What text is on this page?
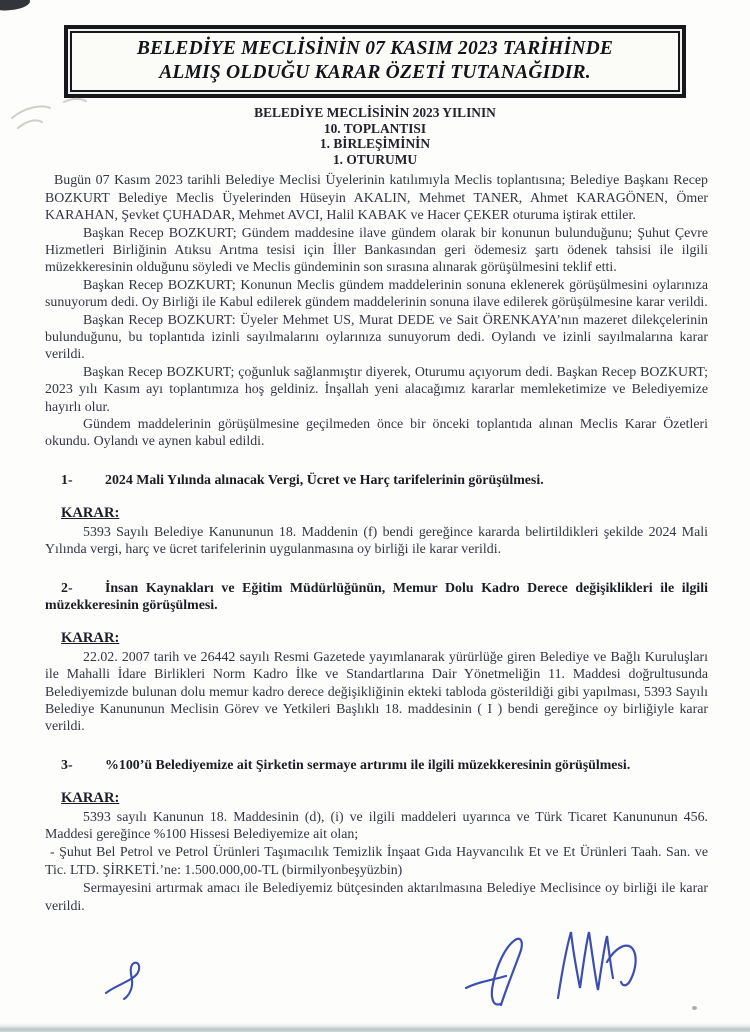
BELEDİYE MECLİSİNİN 07 KASIM 2023 TARİHİNDE
ALMIŞ OLDUĞU KARAR ÖZETİ TUTANAĞIDIR.
BELEDİYE MECLİSİNİN 2023 YILININ
10. TOPLANTISI
1. BİRLEŞİMİNİN
1. OTURUMU

Bugün 07 Kasım 2023 tarihli Belediye Meclisi Üyelerinin katılımıyla Meclis toplantısına; Belediye Başkanı Recep BOZKURT Belediye Meclis Üyelerinden Hüseyin AKALIN, Mehmet TANER, Ahmet KARAGÖNEN, Ömer KARAHAN, Şevket ÇUHADAR, Mehmet AVCI, Halil KABAK ve Hacer ÇEKER oturuma iştirak ettiler.

Başkan Recep BOZKURT; Gündem maddesine ilave gündem olarak bir konunun bulunduğunu; Şuhut Çevre Hizmetleri Birliğinin Atıksu Arıtma tesisi için İller Bankasından geri ödemesiz şartı ödenek tahsisi ile ilgili müzekkeresinin olduğunu söyledi ve Meclis gündeminin son sırasına alınarak görüşülmesini teklif etti.

Başkan Recep BOZKURT; Konunun Meclis gündem maddelerinin sonuna eklenerek görüşülmesini oylarınıza sunuyorum dedi. Oy Birliği ile Kabul edilerek gündem maddelerinin sonuna ilave edilerek görüşülmesine karar verildi.

Başkan Recep BOZKURT: Üyeler Mehmet US, Murat DEDE ve Sait ÖRENKAYA’nın mazeret dilekçelerinin bulunduğunu, bu toplantıda izinli sayılmalarını oylarınıza sunuyorum dedi. Oylandı ve izinli sayılmalarına karar verildi.

Başkan Recep BOZKURT; çoğunluk sağlanmıştır diyerek, Oturumu açıyorum dedi. Başkan Recep BOZKURT; 2023 yılı Kasım ayı toplantımıza hoş geldiniz. İnşallah yeni alacağımız kararlar memleketimize ve Belediyemize hayırlı olur.

Gündem maddelerinin görüşülmesine geçilmeden önce bir önceki toplantıda alınan Meclis Karar Özetleri okundu. Oylandı ve aynen kabul edildi.

1- 2024 Mali Yılında alınacak Vergi, Ücret ve Harç tarifelerinin görüşülmesi.

KARAR:

5393 Sayılı Belediye Kanununun 18. Maddenin (f) bendi gereğince kararda belirtildikleri şekilde 2024 Mali Yılında vergi, harç ve ücret tarifelerinin uygulanmasına oy birliği ile karar verildi.

2- İnsan Kaynakları ve Eğitim Müdürlüğünün, Memur Dolu Kadro Derece değişiklikleri ile ilgili müzekkeresinin görüşülmesi.

KARAR:

22.02. 2007 tarih ve 26442 sayılı Resmi Gazetede yayımlanarak yürürlüğe giren Belediye ve Bağlı Kuruluşları ile Mahalli İdare Birlikleri Norm Kadro İlke ve Standartlarına Dair Yönetmeliğin 11. Maddesi doğrultusunda Belediyemizde bulunan dolu memur kadro derece değişikliğinin ekteki tabloda gösterildiği gibi yapılması, 5393 Sayılı Belediye Kanununun Meclisin Görev ve Yetkileri Başlıklı 18. maddesinin ( I ) bendi gereğince oy birliğiyle karar verildi.

3- %100’ü Belediyemize ait Şirketin sermaye artırımı ile ilgili müzekkeresinin görüşülmesi.

KARAR:

5393 sayılı Kanunun 18. Maddesinin (d), (i) ve ilgili maddeleri uyarınca ve Türk Ticaret Kanununun 456. Maddesi gereğince %100 Hissesi Belediyemize ait olan;

- Şuhut Bel Petrol ve Petrol Ürünleri Taşımacılık Temizlik İnşaat Gıda Hayvancılık Et ve Et Ürünleri Taah. San. ve Tic. LTD. ŞİRKETİ.’ne: 1.500.000,00-TL (birmilyonbeşyüzbin)

Sermayesini artırmak amacı ile Belediyemiz bütçesinden aktarılmasına Belediye Meclisince oy birliği ile karar verildi.
